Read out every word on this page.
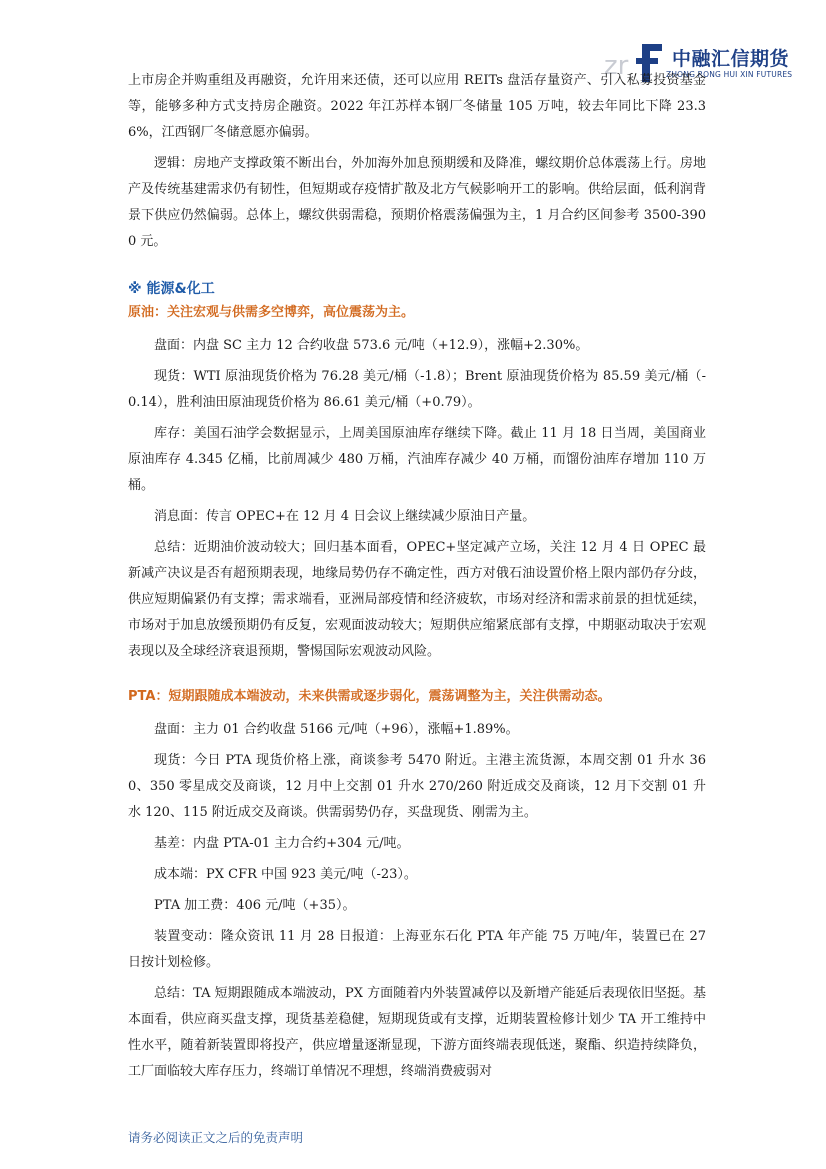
zr 中融汇信期货
ZHONG RONG HUI XIN FUTURES

上市房企并购重组及再融资，允许用来还债，还可以应用 REITs 盘活存量资产、引入私募投资基金等，能够多种方式支持房企融资。2022 年江苏样本钢厂冬储量 105 万吨，较去年同比下降 23.36%，江西钢厂冬储意愿亦偏弱。

逻辑：房地产支撑政策不断出台，外加海外加息预期缓和及降准，螺纹期价总体震荡上行。房地产及传统基建需求仍有韧性，但短期或存疫情扩散及北方气候影响开工的影响。供给层面，低利润背景下供应仍然偏弱。总体上，螺纹供弱需稳，预期价格震荡偏强为主，1 月合约区间参考 3500-3900 元。

※ 能源&化工
原油：关注宏观与供需多空博弈，高位震荡为主。

盘面：内盘 SC 主力 12 合约收盘 573.6 元/吨（+12.9），涨幅+2.30%。

现货：WTI 原油现货价格为 76.28 美元/桶（-1.8）；Brent 原油现货价格为 85.59 美元/桶（-0.14），胜利油田原油现货价格为 86.61 美元/桶（+0.79）。

库存：美国石油学会数据显示，上周美国原油库存继续下降。截止 11 月 18 日当周，美国商业原油库存 4.345 亿桶，比前周减少 480 万桶，汽油库存减少 40 万桶，而馏份油库存增加 110 万桶。

消息面：传言 OPEC+在 12 月 4 日会议上继续减少原油日产量。

总结：近期油价波动较大；回归基本面看，OPEC+坚定减产立场，关注 12 月 4 日 OPEC 最新减产决议是否有超预期表现，地缘局势仍存不确定性，西方对俄石油设置价格上限内部仍存分歧，供应短期偏紧仍有支撑；需求端看，亚洲局部疫情和经济疲软，市场对经济和需求前景的担忧延续，市场对于加息放缓预期仍有反复，宏观面波动较大；短期供应缩紧底部有支撑，中期驱动取决于宏观表现以及全球经济衰退预期，警惕国际宏观波动风险。

PTA：短期跟随成本端波动，未来供需或逐步弱化，震荡调整为主，关注供需动态。

盘面：主力 01 合约收盘 5166 元/吨（+96），涨幅+1.89%。

现货：今日 PTA 现货价格上涨，商谈参考 5470 附近。主港主流货源，本周交割 01 升水 360、350 零星成交及商谈，12 月中上交割 01 升水 270/260 附近成交及商谈，12 月下交割 01 升水 120、115 附近成交及商谈。供需弱势仍存，买盘现货、刚需为主。

基差：内盘 PTA-01 主力合约+304 元/吨。

成本端：PX CFR 中国 923 美元/吨（-23）。

PTA 加工费：406 元/吨（+35）。

装置变动：隆众资讯 11 月 28 日报道：上海亚东石化 PTA 年产能 75 万吨/年，装置已在 27 日按计划检修。

总结：TA 短期跟随成本端波动，PX 方面随着内外装置减停以及新增产能延后表现依旧坚挺。基本面看，供应商买盘支撑，现货基差稳健，短期现货或有支撑，近期装置检修计划少 TA 开工维持中性水平，随着新装置即将投产，供应增量逐渐显现，下游方面终端表现低迷，聚酯、织造持续降负，工厂面临较大库存压力，终端订单情况不理想，终端消费疲弱对

请务必阅读正文之后的免责声明
